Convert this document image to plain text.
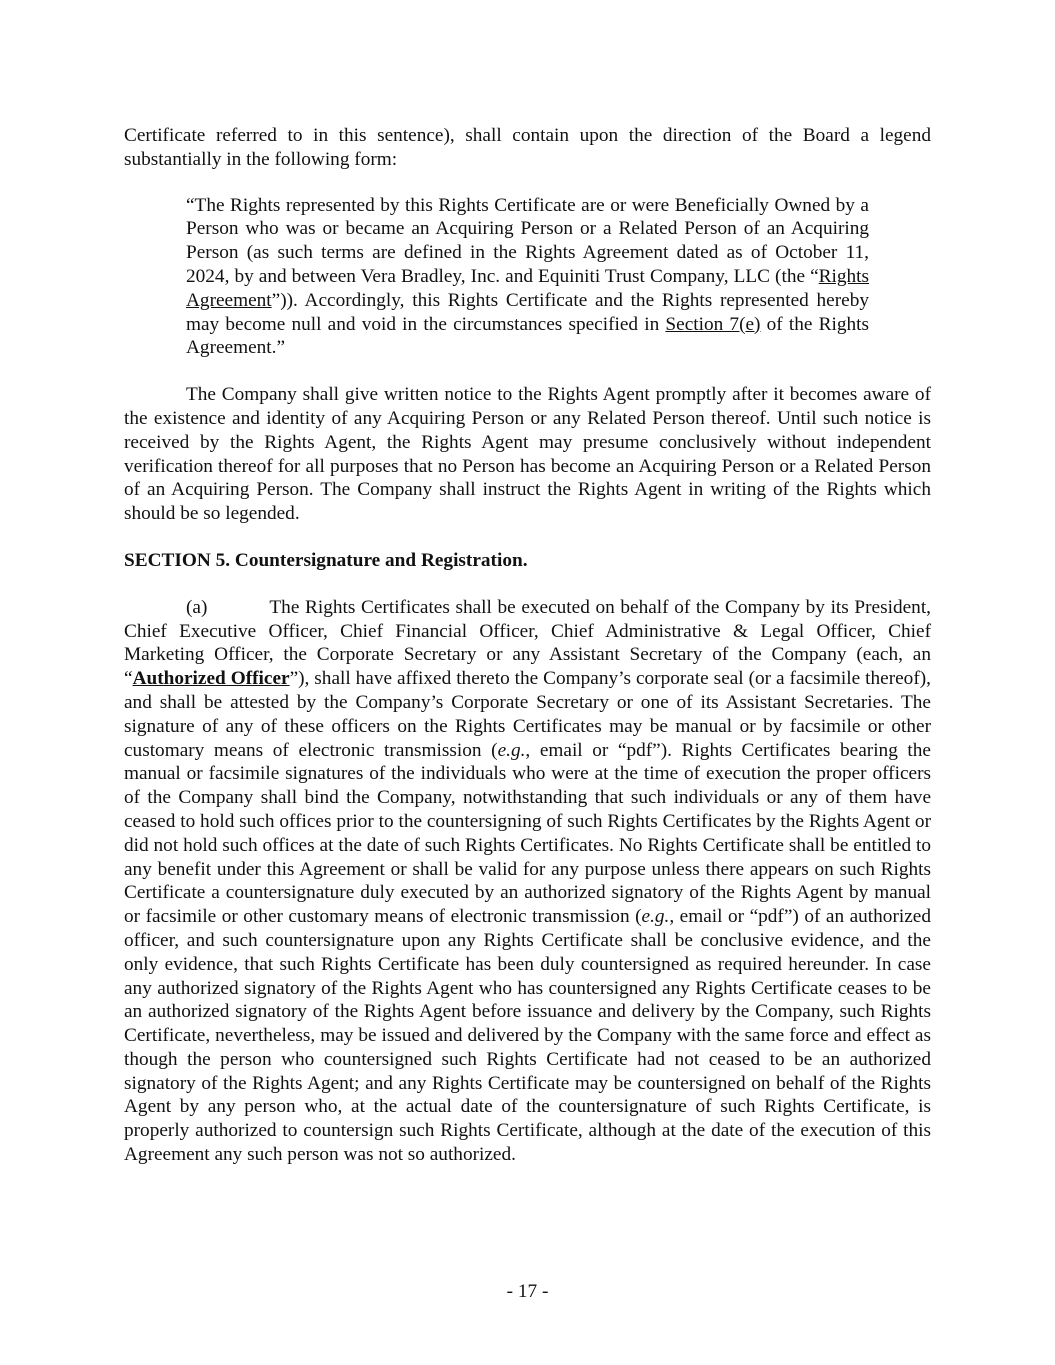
Certificate referred to in this sentence), shall contain upon the direction of the Board a legend substantially in the following form:

“The Rights represented by this Rights Certificate are or were Beneficially Owned by a Person who was or became an Acquiring Person or a Related Person of an Acquiring Person (as such terms are defined in the Rights Agreement dated as of October 11, 2024, by and between Vera Bradley, Inc. and Equiniti Trust Company, LLC (the “Rights Agreement”)). Accordingly, this Rights Certificate and the Rights represented hereby may become null and void in the circumstances specified in Section 7(e) of the Rights Agreement.”

The Company shall give written notice to the Rights Agent promptly after it becomes aware of the existence and identity of any Acquiring Person or any Related Person thereof. Until such notice is received by the Rights Agent, the Rights Agent may presume conclusively without independent verification thereof for all purposes that no Person has become an Acquiring Person or a Related Person of an Acquiring Person. The Company shall instruct the Rights Agent in writing of the Rights which should be so legended.

SECTION 5. Countersignature and Registration.

(a)	The Rights Certificates shall be executed on behalf of the Company by its President, Chief Executive Officer, Chief Financial Officer, Chief Administrative & Legal Officer, Chief Marketing Officer, the Corporate Secretary or any Assistant Secretary of the Company (each, an “Authorized Officer”), shall have affixed thereto the Company’s corporate seal (or a facsimile thereof), and shall be attested by the Company’s Corporate Secretary or one of its Assistant Secretaries. The signature of any of these officers on the Rights Certificates may be manual or by facsimile or other customary means of electronic transmission (e.g., email or “pdf”). Rights Certificates bearing the manual or facsimile signatures of the individuals who were at the time of execution the proper officers of the Company shall bind the Company, notwithstanding that such individuals or any of them have ceased to hold such offices prior to the countersigning of such Rights Certificates by the Rights Agent or did not hold such offices at the date of such Rights Certificates. No Rights Certificate shall be entitled to any benefit under this Agreement or shall be valid for any purpose unless there appears on such Rights Certificate a countersignature duly executed by an authorized signatory of the Rights Agent by manual or facsimile or other customary means of electronic transmission (e.g., email or “pdf”) of an authorized officer, and such countersignature upon any Rights Certificate shall be conclusive evidence, and the only evidence, that such Rights Certificate has been duly countersigned as required hereunder. In case any authorized signatory of the Rights Agent who has countersigned any Rights Certificate ceases to be an authorized signatory of the Rights Agent before issuance and delivery by the Company, such Rights Certificate, nevertheless, may be issued and delivered by the Company with the same force and effect as though the person who countersigned such Rights Certificate had not ceased to be an authorized signatory of the Rights Agent; and any Rights Certificate may be countersigned on behalf of the Rights Agent by any person who, at the actual date of the countersignature of such Rights Certificate, is properly authorized to countersign such Rights Certificate, although at the date of the execution of this Agreement any such person was not so authorized.

- 17 -
